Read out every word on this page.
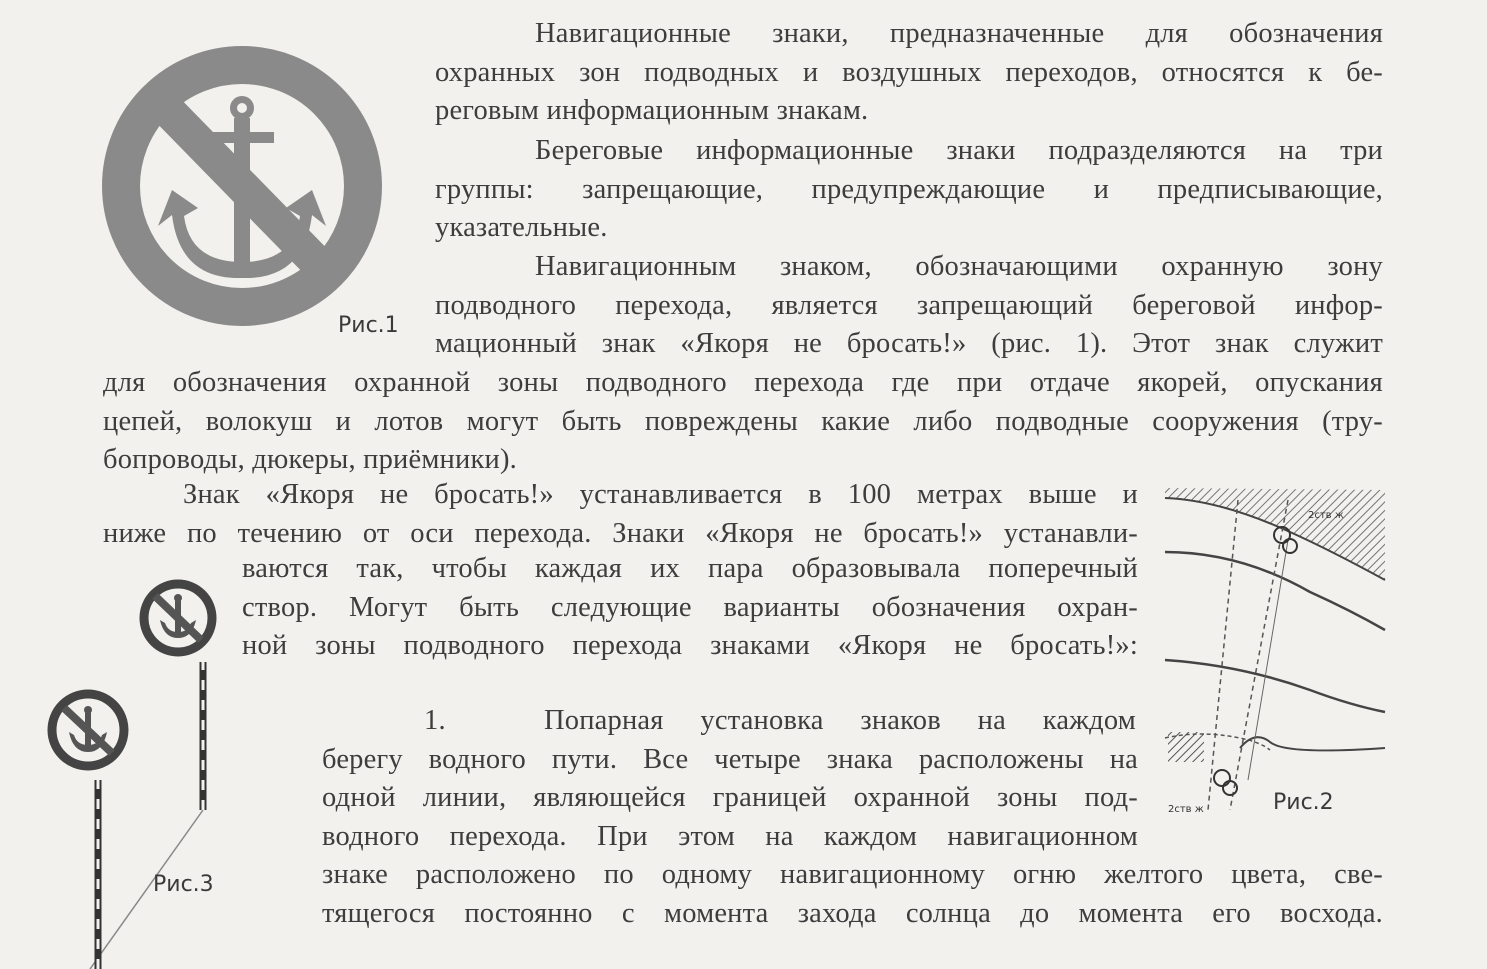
Рис.1
Навигационные знаки, предназначенные для обозначения
охранных зон подводных и воздушных переходов, относятся к бе-
реговым информационным знакам.
Береговые информационные знаки подразделяются на три
группы: запрещающие, предупреждающие и предписывающие,
указательные.
Навигационным знаком, обозначающими охранную зону
подводного перехода, является запрещающий береговой инфор-
мационный знак «Якоря не бросать!» (рис. 1). Этот знак служит
для обозначения охранной зоны подводного перехода где при отдаче якорей, опускания
цепей, волокуш и лотов могут быть повреждены какие либо подводные сооружения (тру-
бопроводы, дюкеры, приёмники).
Знак «Якоря не бросать!» устанавливается в 100 метрах выше и
ниже по течению от оси перехода. Знаки «Якоря не бросать!» устанавли-
ваются так, чтобы каждая их пара образовывала поперечный
створ. Могут быть следующие варианты обозначения охран-
ной зоны подводного перехода знаками «Якоря не бросать!»:
1.	Попарная установка знаков на каждом
берегу водного пути. Все четыре знака расположены на
одной линии, являющейся границей охранной зоны под-
водного перехода. При этом на каждом навигационном
знаке расположено по одному навигационному огню желтого цвета, све-
тящегося постоянно с момента захода солнца до момента его восхода.
2ств ж
2ств ж	Рис.2
Рис.3
